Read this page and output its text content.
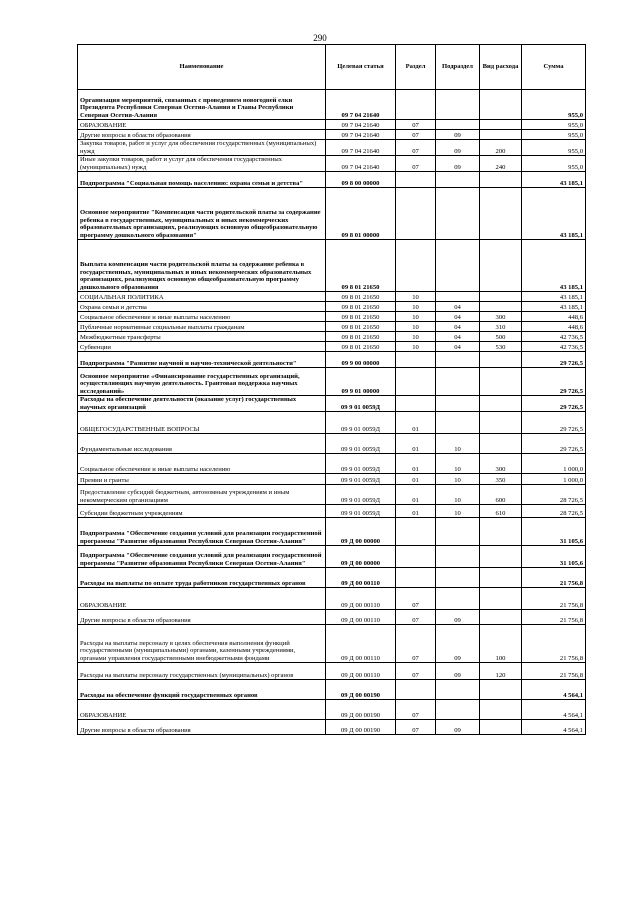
290
Наименование	Целевая статья	Раздел	Подраздел	Вид расхода	Сумма
Организация мероприятий, связанных с проведением новогодней елки Президента Республики Северная Осетия-Алания и Главы Республики Северная Осетия-Алания	09 7 04 21640				955,0
ОБРАЗОВАНИЕ	09 7 04 21640	07			955,0
Другие вопросы в области образования	09 7 04 21640	07	09		955,0
Закупка товаров, работ и услуг для обеспечения государственных (муниципальных) нужд	09 7 04 21640	07	09	200	955,0
Иные закупки товаров, работ и услуг для обеспечения государственных (муниципальных) нужд	09 7 04 21640	07	09	240	955,0
Подпрограмма "Социальная помощь населению: охрана семьи и детства"	09 8 00 00000				43 185,1
Основное мероприятие "Компенсация части родительской платы за содержание ребенка в государственных, муниципальных и иных некоммерческих образовательных организациях, реализующих основную общеобразовательную программу дошкольного образования"	09 8 01 00000				43 185,1
Выплата компенсации части родительской платы за содержание ребенка в государственных, муниципальных и иных некоммерческих образовательных организациях, реализующих основную общеобразовательную программу дошкольного образования	09 8 01 21650				43 185,1
СОЦИАЛЬНАЯ ПОЛИТИКА	09 8 01 21650	10			43 185,1
Охрана семьи и детства	09 8 01 21650	10	04		43 185,1
Социальное обеспечение и иные выплаты населению	09 8 01 21650	10	04	300	448,6
Публичные нормативные социальные выплаты гражданам	09 8 01 21650	10	04	310	448,6
Межбюджетные трансферты	09 8 01 21650	10	04	500	42 736,5
Субвенции	09 8 01 21650	10	04	530	42 736,5
Подпрограмма "Развитие научной и научно-технической деятельности"	09 9 00 00000				29 726,5
Основное мероприятие «Финансирование государственных организаций, осуществляющих научную деятельность. Грантовая поддержка научных исследований»	09 9 01 00000				29 726,5
Расходы на обеспечение деятельности (оказание услуг) государственных научных организаций	09 9 01 0059Д				29 726,5
ОБЩЕГОСУДАРСТВЕННЫЕ ВОПРОСЫ	09 9 01 0059Д	01			29 726,5
Фундаментальные исследования	09 9 01 0059Д	01	10		29 726,5
Социальное обеспечение и иные выплаты населению	09 9 01 0059Д	01	10	300	1 000,0
Премии и гранты	09 9 01 0059Д	01	10	350	1 000,0
Предоставление субсидий бюджетным, автономным учреждениям и иным некоммерческим организациям	09 9 01 0059Д	01	10	600	28 726,5
Субсидии бюджетным учреждениям	09 9 01 0059Д	01	10	610	28 726,5
Подпрограмма "Обеспечение создания условий для реализации государственной программы "Развитие образования Республики Северная Осетия-Алания"	09 Д 00 00000				31 105,6
Подпрограмма "Обеспечение создания условий для реализации государственной программы "Развитие образования Республики Северная Осетия-Алания"	09 Д 00 00000				31 105,6
Расходы на выплаты по оплате труда работников государственных органов	09 Д 00 00110				21 756,8
ОБРАЗОВАНИЕ	09 Д 00 00110	07			21 756,8
Другие вопросы в области образования	09 Д 00 00110	07	09		21 756,8
Расходы на выплаты персоналу в целях обеспечения выполнения функций государственными (муниципальными) органами, казенными учреждениями, органами управления государственными внебюджетными фондами	09 Д 00 00110	07	09	100	21 756,8
Расходы на выплаты персоналу государственных (муниципальных) органов	09 Д 00 00110	07	09	120	21 756,8
Расходы на обеспечение функций государственных органов	09 Д 00 00190				4 564,1
ОБРАЗОВАНИЕ	09 Д 00 00190	07			4 564,1
Другие вопросы в области образования	09 Д 00 00190	07	09		4 564,1
